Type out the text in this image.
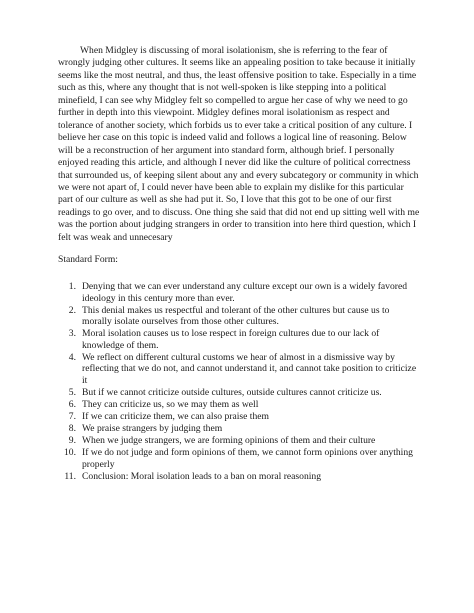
When Midgley is discussing of moral isolationism, she is referring to the fear of wrongly judging other cultures. It seems like an appealing position to take because it initially seems like the most neutral, and thus, the least offensive position to take. Especially in a time such as this, where any thought that is not well-spoken is like stepping into a political minefield, I can see why Midgley felt so compelled to argue her case of why we need to go further in depth into this viewpoint. Midgley defines moral isolationism as respect and tolerance of another society, which forbids us to ever take a critical position of any culture. I believe her case on this topic is indeed valid and follows a logical line of reasoning. Below will be a reconstruction of her argument into standard form, although brief. I personally enjoyed reading this article, and although I never did like the culture of political correctness that surrounded us, of keeping silent about any and every subcategory or community in which we were not apart of, I could never have been able to explain my dislike for this particular part of our culture as well as she had put it. So, I love that this got to be one of our first readings to go over, and to discuss. One thing she said that did not end up sitting well with me was the portion about judging strangers in order to transition into here third question, which I felt was weak and unnecesary

Standard Form:

1. Denying that we can ever understand any culture except our own is a widely favored ideology in this century more than ever.
2. This denial makes us respectful and tolerant of the other cultures but cause us to morally isolate ourselves from those other cultures.
3. Moral isolation causes us to lose respect in foreign cultures due to our lack of knowledge of them.
4. We reflect on different cultural customs we hear of almost in a dismissive way by reflecting that we do not, and cannot understand it, and cannot take position to criticize it
5. But if we cannot criticize outside cultures, outside cultures cannot criticize us.
6. They can criticize us, so we may them as well
7. If we can criticize them, we can also praise them
8. We praise strangers by judging them
9. When we judge strangers, we are forming opinions of them and their culture
10. If we do not judge and form opinions of them, we cannot form opinions over anything properly
11. Conclusion: Moral isolation leads to a ban on moral reasoning
